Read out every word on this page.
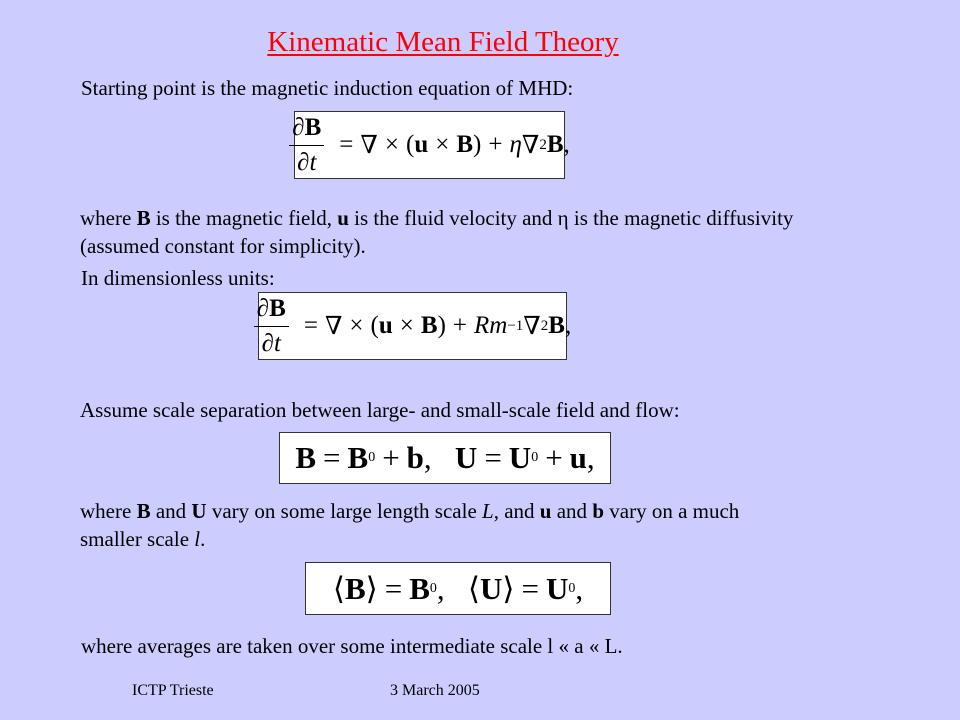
Kinematic Mean Field Theory
Starting point is the magnetic induction equation of MHD:
$\frac{\partial B}{\partial t}$ = ∇ × ( u × B ) + η ∇ 2 B ,
where B is the magnetic field, u is the fluid velocity and η is the magnetic diffusivity (assumed constant for simplicity).
In dimensionless units:
$\frac{\partial B}{\partial t}$ = ∇ × ( u × B ) + Rm −1 ∇ 2 B ,
Assume scale separation between large- and small-scale field and flow:
B = B 0 + b , U = U 0 + u ,
where B and U vary on some large length scale L, and u and b vary on a much smaller scale l.
⟨ B ⟩ = B 0 ,   ⟨ U ⟩ = U 0 ,
where averages are taken over some intermediate scale l « a « L.
ICTP Trieste	3 March 2005
